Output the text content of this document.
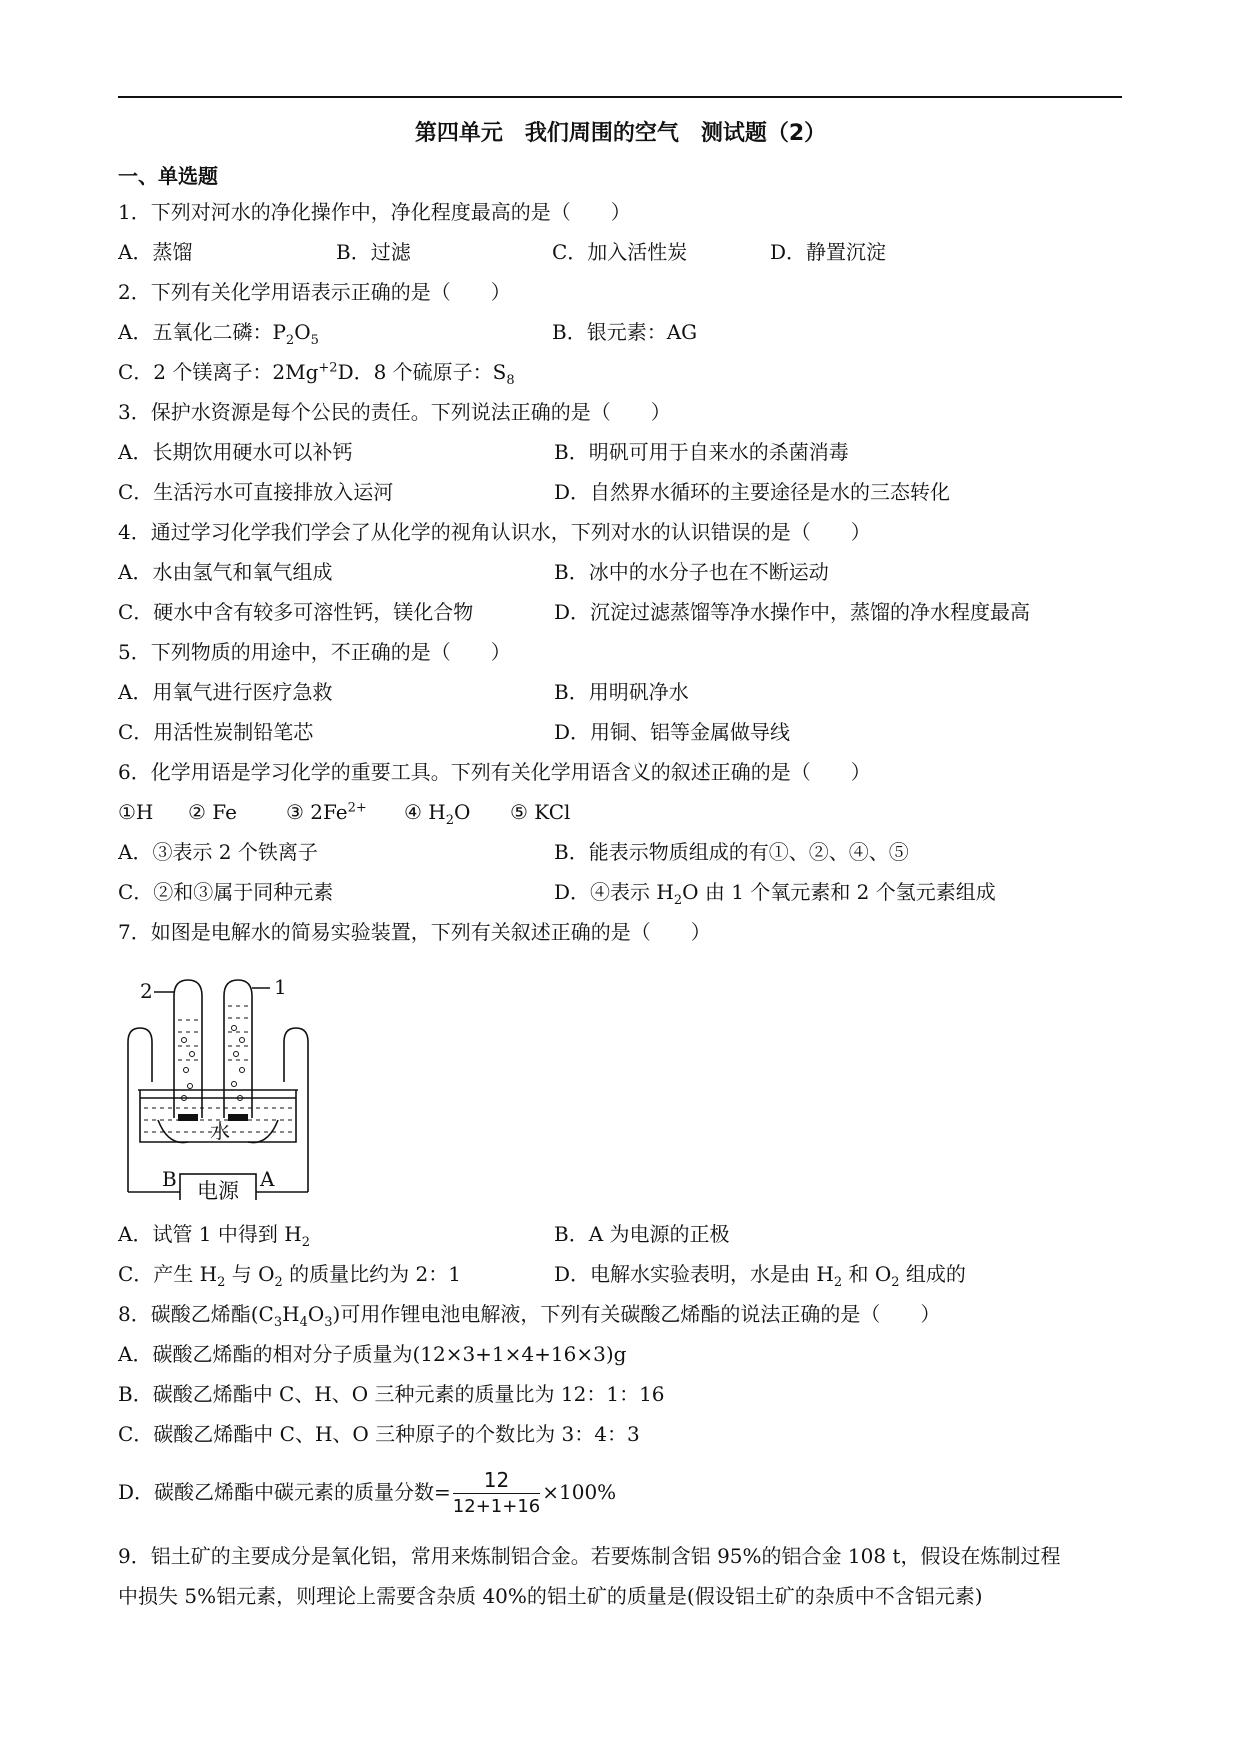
第四单元　我们周围的空气　测试题（2）
一、单选题
1．下列对河水的净化操作中，净化程度最高的是（　　）
A．蒸馏	B．过滤	C．加入活性炭	D．静置沉淀
2．下列有关化学用语表示正确的是（　　）
A．五氧化二磷：$P_2O_5$	B．银元素：AG
C．2 个镁离子：$2Mg^{+2}D$．8 个硫原子：$S_8$
3．保护水资源是每个公民的责任。下列说法正确的是（　　）
A．长期饮用硬水可以补钙	B．明矾可用于自来水的杀菌消毒
C．生活污水可直接排放入运河	D．自然界水循环的主要途径是水的三态转化
4．通过学习化学我们学会了从化学的视角认识水，下列对水的认识错误的是（　　）
A．水由氢气和氧气组成	B．冰中的水分子也在不断运动
C．硬水中含有较多可溶性钙，镁化合物	D．沉淀过滤蒸馏等净水操作中，蒸馏的净水程度最高
5．下列物质的用途中，不正确的是（　　）
A．用氧气进行医疗急救	B．用明矾净水
C．用活性炭制铅笔芯	D．用铜、铝等金属做导线
6．化学用语是学习化学的重要工具。下列有关化学用语含义的叙述正确的是（　　）
①H ② Fe ③ $2Fe^{2+}$ ④ $H_2O$ ⑤ KCl
A．③表示 2 个铁离子	B．能表示物质组成的有①、②、④、⑤
C．②和③属于同种元素	D．④表示 $H_2O$ 由 1 个氧元素和 2 个氢元素组成
7．如图是电解水的简易实验装置，下列有关叙述正确的是（　　）
2	1
水
B	A
电源
A．试管 1 中得到 $H_2$	B．A 为电源的正极
C．产生 $H_2$ 与 $O_2$ 的质量比约为 2：1	D．电解水实验表明，水是由 $H_2$ 和 $O_2$ 组成的
8．碳酸乙烯酯$(C_3H_4O_3)$可用作锂电池电解液，下列有关碳酸乙烯酯的说法正确的是（　　）
A．碳酸乙烯酯的相对分子质量为(12×3+1×4+16×3)g
B．碳酸乙烯酯中 C、H、O 三种元素的质量比为 12：1：16
C．碳酸乙烯酯中 C、H、O 三种原子的个数比为 3：4：3
D．碳酸乙烯酯中碳元素的质量分数= $\frac{12}{12+1+16} \times 100\%$
9．铝土矿的主要成分是氧化铝，常用来炼制铝合金。若要炼制含铝 95%的铝合金 108 t，假设在炼制过程
中损失 5%铝元素，则理论上需要含杂质 40%的铝土矿的质量是(假设铝土矿的杂质中不含铝元素)
